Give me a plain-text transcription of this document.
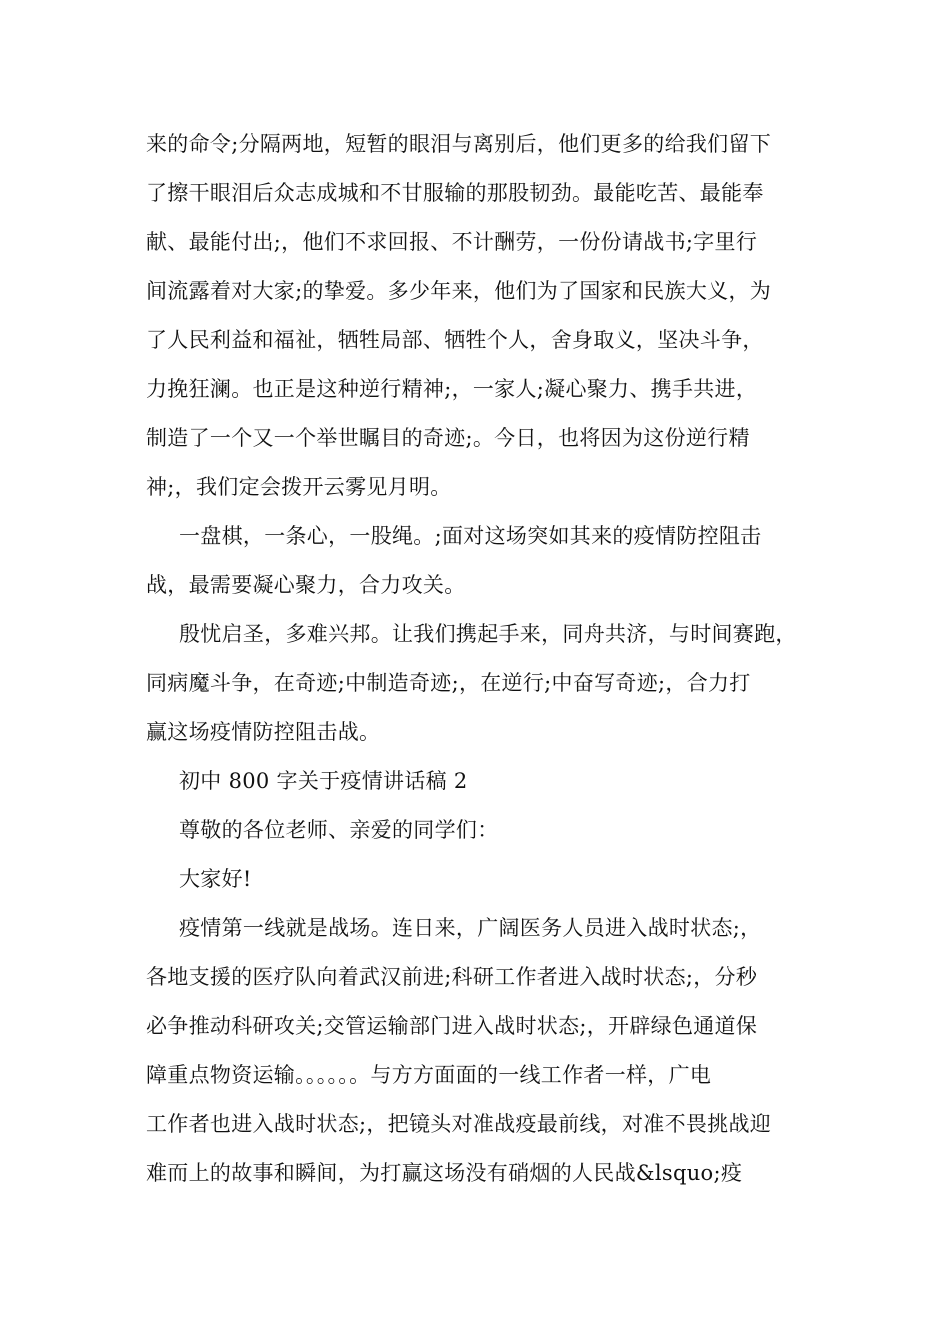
来的命令;分隔两地，短暂的眼泪与离别后，他们更多的给我们留下
了擦干眼泪后众志成城和不甘服输的那股韧劲。最能吃苦、最能奉
献、最能付出;，他们不求回报、不计酬劳，一份份请战书;字里行
间流露着对大家;的挚爱。多少年来，他们为了国家和民族大义，为
了人民利益和福祉，牺牲局部、牺牲个人，舍身取义，坚决斗争，
力挽狂澜。也正是这种逆行精神;，一家人;凝心聚力、携手共进，
制造了一个又一个举世瞩目的奇迹;。今日，也将因为这份逆行精
神;，我们定会拨开云雾见月明。
一盘棋，一条心，一股绳。;面对这场突如其来的疫情防控阻击
战，最需要凝心聚力，合力攻关。
殷忧启圣，多难兴邦。让我们携起手来，同舟共济，与时间赛跑，
同病魔斗争，在奇迹;中制造奇迹;，在逆行;中奋写奇迹;，合力打
赢这场疫情防控阻击战。
初中 800 字关于疫情讲话稿 2
尊敬的各位老师、亲爱的同学们：
大家好!
疫情第一线就是战场。连日来，广阔医务人员进入战时状态;，
各地支援的医疗队向着武汉前进;科研工作者进入战时状态;，分秒
必争推动科研攻关;交管运输部门进入战时状态;，开辟绿色通道保
障重点物资运输。。。。。。与方方面面的一线工作者一样，广电
工作者也进入战时状态;，把镜头对准战疫最前线，对准不畏挑战迎
难而上的故事和瞬间，为打赢这场没有硝烟的人民战&lsquo;疫
